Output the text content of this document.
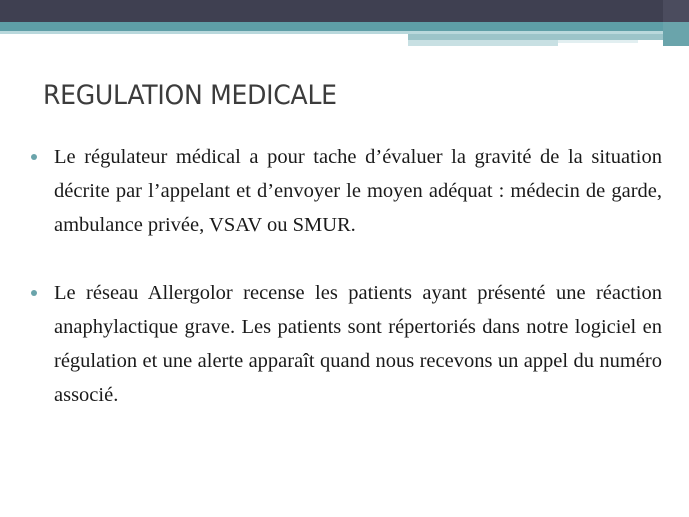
REGULATION MEDICALE
Le régulateur médical a pour tache d’évaluer la gravité de la situation décrite par l’appelant et d’envoyer le moyen adéquat : médecin de garde, ambulance privée, VSAV ou SMUR.
Le réseau Allergolor recense les patients ayant présenté une réaction anaphylactique grave. Les patients sont répertoriés dans notre logiciel en régulation et une alerte apparaît quand nous recevons un appel du numéro associé.
